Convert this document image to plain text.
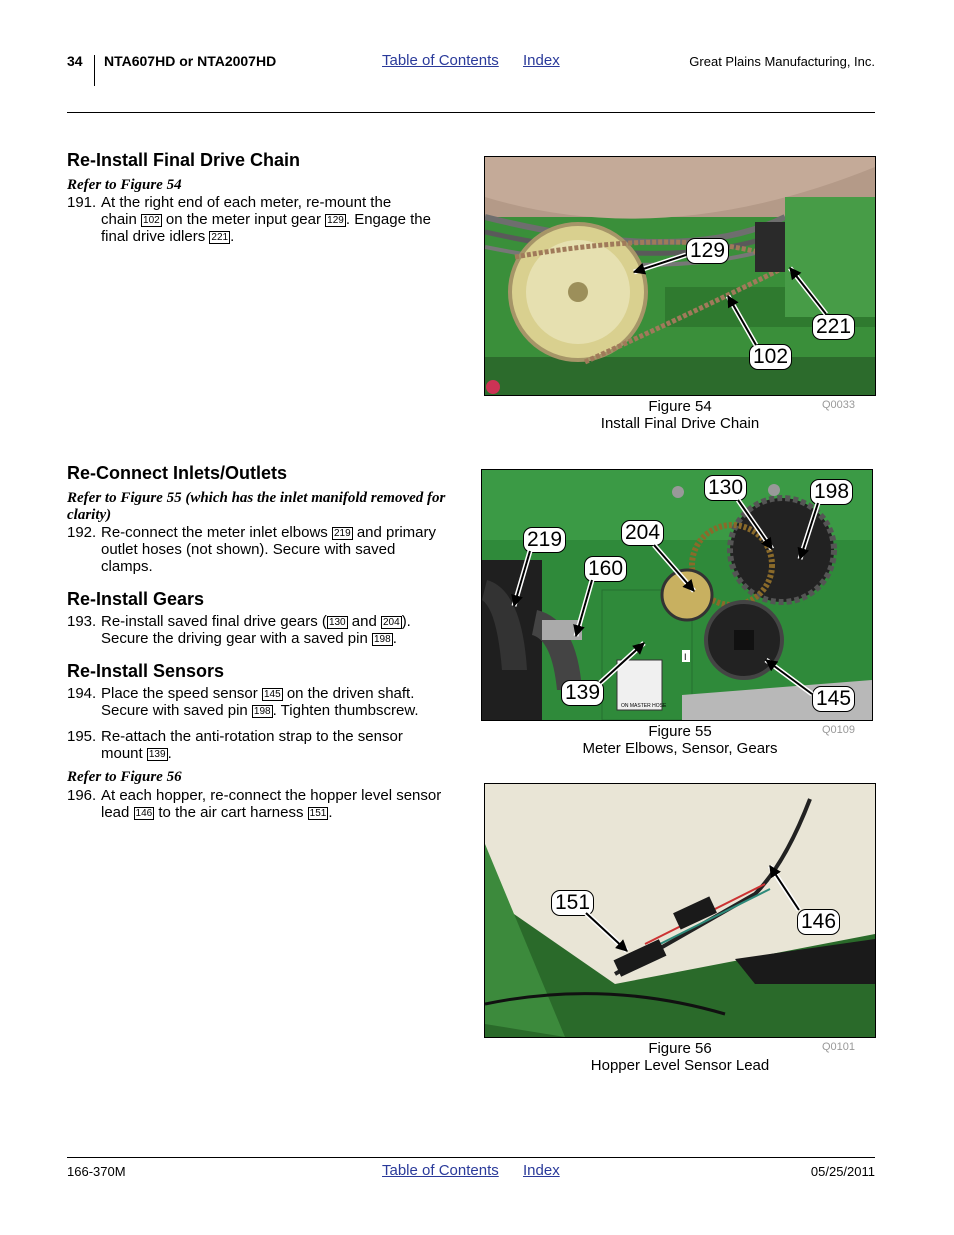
34 NTA607HD or NTA2007HD	Table of Contents Index	Great Plains Manufacturing, Inc.
Re-Install Final Drive Chain
Refer to Figure 54
191. At the right end of each meter, re-mount the
chain 102 on the meter input gear 129 . Engage the
final drive idlers 221 .
Re-Connect Inlets/Outlets
Refer to Figure 55 (which has the inlet manifold removed for
clarity)
192. Re-connect the meter inlet elbows 219 and primary
outlet hoses (not shown). Secure with saved
clamps.
Re-Install Gears
193. Re-install saved final drive gears ( 130 and 204 ).
Secure the driving gear with a saved pin 198 .
Re-Install Sensors
194. Place the speed sensor 145 on the driven shaft.
Secure with saved pin 198 . Tighten thumbscrew.
195. Re-attach the anti-rotation strap to the sensor
mount 139 .
Refer to Figure 56
196. At each hopper, re-connect the hopper level sensor
lead 146 to the air cart harness 151 .
129
221
102
Figure 54
Install Final Drive Chain
Q0033
ON MASTER HOSE
I
130	198
204
219
160
139	145
Figure 55
Meter Elbows, Sensor, Gears
Q0109
151
146
Figure 56
Hopper Level Sensor Lead
Q0101
166-370M	Table of Contents Index	05/25/2011
